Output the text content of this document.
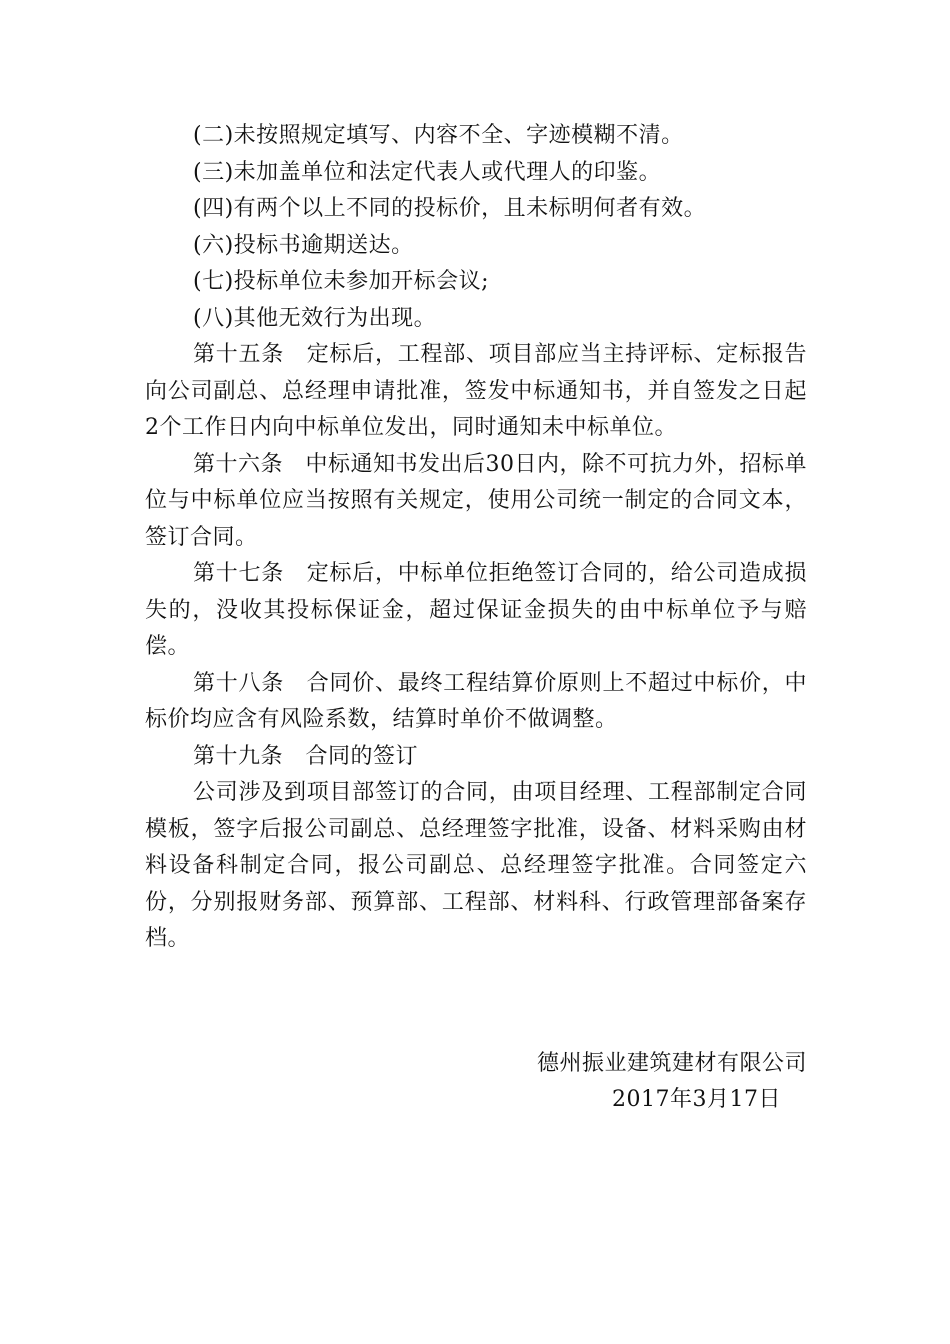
(二)未按照规定填写、内容不全、字迹模糊不清。

(三)未加盖单位和法定代表人或代理人的印鉴。

(四)有两个以上不同的投标价，且未标明何者有效。

(六)投标书逾期送达。

(七)投标单位未参加开标会议;

(八)其他无效行为出现。

第十五条　定标后，工程部、项目部应当主持评标、定标报告向公司副总、总经理申请批准，签发中标通知书，并自签发之日起2个工作日内向中标单位发出，同时通知未中标单位。

第十六条　中标通知书发出后30日内，除不可抗力外，招标单位与中标单位应当按照有关规定，使用公司统一制定的合同文本，签订合同。

第十七条　定标后，中标单位拒绝签订合同的，给公司造成损失的，没收其投标保证金，超过保证金损失的由中标单位予与赔偿。

第十八条　合同价、最终工程结算价原则上不超过中标价，中标价均应含有风险系数，结算时单价不做调整。

第十九条　合同的签订

公司涉及到项目部签订的合同，由项目经理、工程部制定合同模板，签字后报公司副总、总经理签字批准，设备、材料采购由材料设备科制定合同，报公司副总、总经理签字批准。合同签定六份，分别报财务部、预算部、工程部、材料科、行政管理部备案存档。

德州振业建筑建材有限公司
2017年3月17日
